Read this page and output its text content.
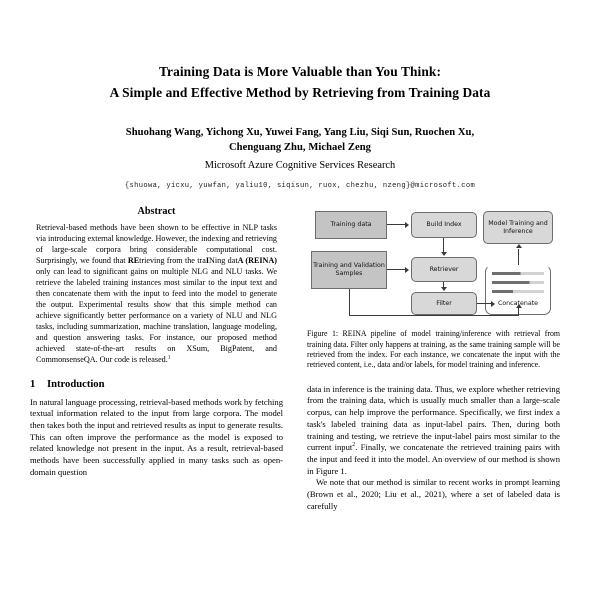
Training Data is More Valuable than You Think:
A Simple and Effective Method by Retrieving from Training Data
Shuohang Wang, Yichong Xu, Yuwei Fang, Yang Liu, Siqi Sun, Ruochen Xu,
Chenguang Zhu, Michael Zeng
Microsoft Azure Cognitive Services Research
{shuowa, yicxu, yuwfan, yaliu10, siqisun, ruox, chezhu, nzeng}@microsoft.com
Abstract

Retrieval-based methods have been shown to be effective in NLP tasks via introducing external knowledge. However, the indexing and retrieving of large-scale corpora bring considerable computational cost. Surprisingly, we found that REtrieving from the traINing datA (REINA) only can lead to significant gains on multiple NLG and NLU tasks. We retrieve the labeled training instances most similar to the input text and then concatenate them with the input to feed into the model to generate the output. Experimental results show that this simple method can achieve significantly better performance on a variety of NLU and NLG tasks, including summarization, machine translation, language modeling, and question answering tasks. For instance, our proposed method achieved state-of-the-art results on XSum, BigPatent, and CommonsenseQA. Our code is released.$^1$

1 Introduction

In natural language processing, retrieval-based methods work by fetching textual information related to the input from large corpora. The model then takes both the input and retrieved results as input to generate results. This can often improve the performance as the model is exposed to related knowledge not present in the input. As a result, retrieval-based methods have been successfully applied in many tasks such as open-domain question

Training data	Build Index
Training and Validation Samples
Retriever
Filter	Concatenate
Model Training and Inference

Figure 1: REINA pipeline of model training/inference with retrieval from training data. Filter only happens at training, as the same training sample will be retrieved from the index. For each instance, we concatenate the input with the retrieved content, i.e., data and/or labels, for model training and inference.

data in inference is the training data. Thus, we explore whether retrieving from the training data, which is usually much smaller than a large-scale corpus, can help improve the performance. Specifically, we first index a task's labeled training data as input-label pairs. Then, during both training and testing, we retrieve the input-label pairs most similar to the current input$^2$. Finally, we concatenate the retrieved training pairs with the input and feed it into the model. An overview of our method is shown in Figure 1.

We note that our method is similar to recent works in prompt learning (Brown et al., 2020; Liu et al., 2021), where a set of labeled data is carefully
